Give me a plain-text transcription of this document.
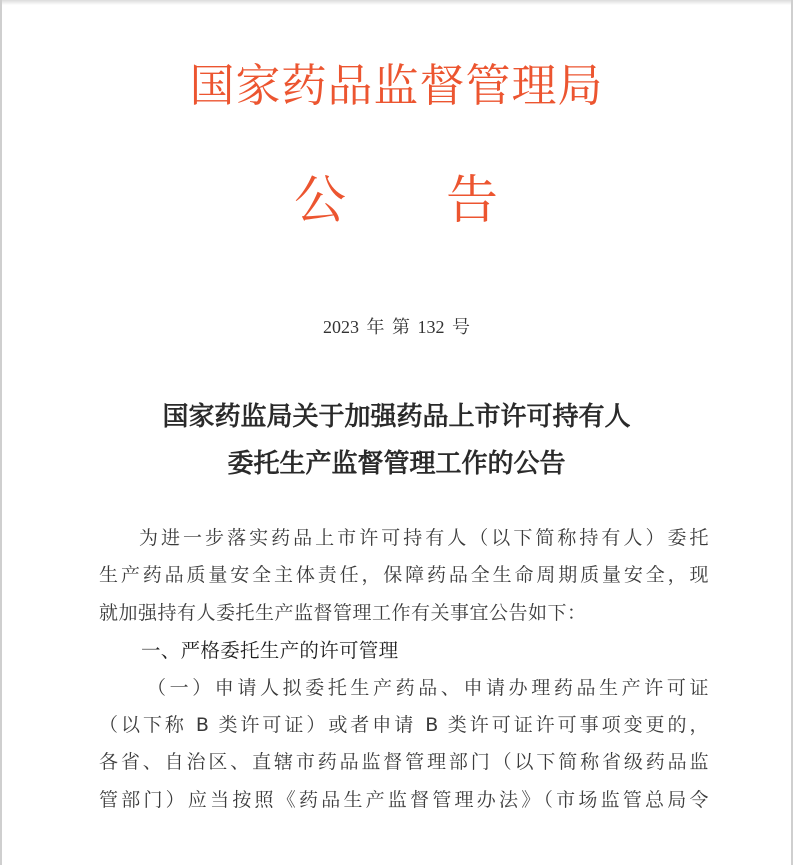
国家药品监督管理局
公 告
2023 年 第 132 号
国家药监局关于加强药品上市许可持有人
委托生产监督管理工作的公告
为进一步落实药品上市许可持有人（以下简称持有人）委托
生产药品质量安全主体责任，保障药品全生命周期质量安全，现
就加强持有人委托生产监督管理工作有关事宜公告如下：
一、严格委托生产的许可管理
（一）申请人拟委托生产药品、申请办理药品生产许可证
（以下称 B 类许可证）或者申请 B 类许可证许可事项变更的，
各省、自治区、直辖市药品监督管理部门（以下简称省级药品监
管部门）应当按照《药品生产监督管理办法》（市场监管总局令
